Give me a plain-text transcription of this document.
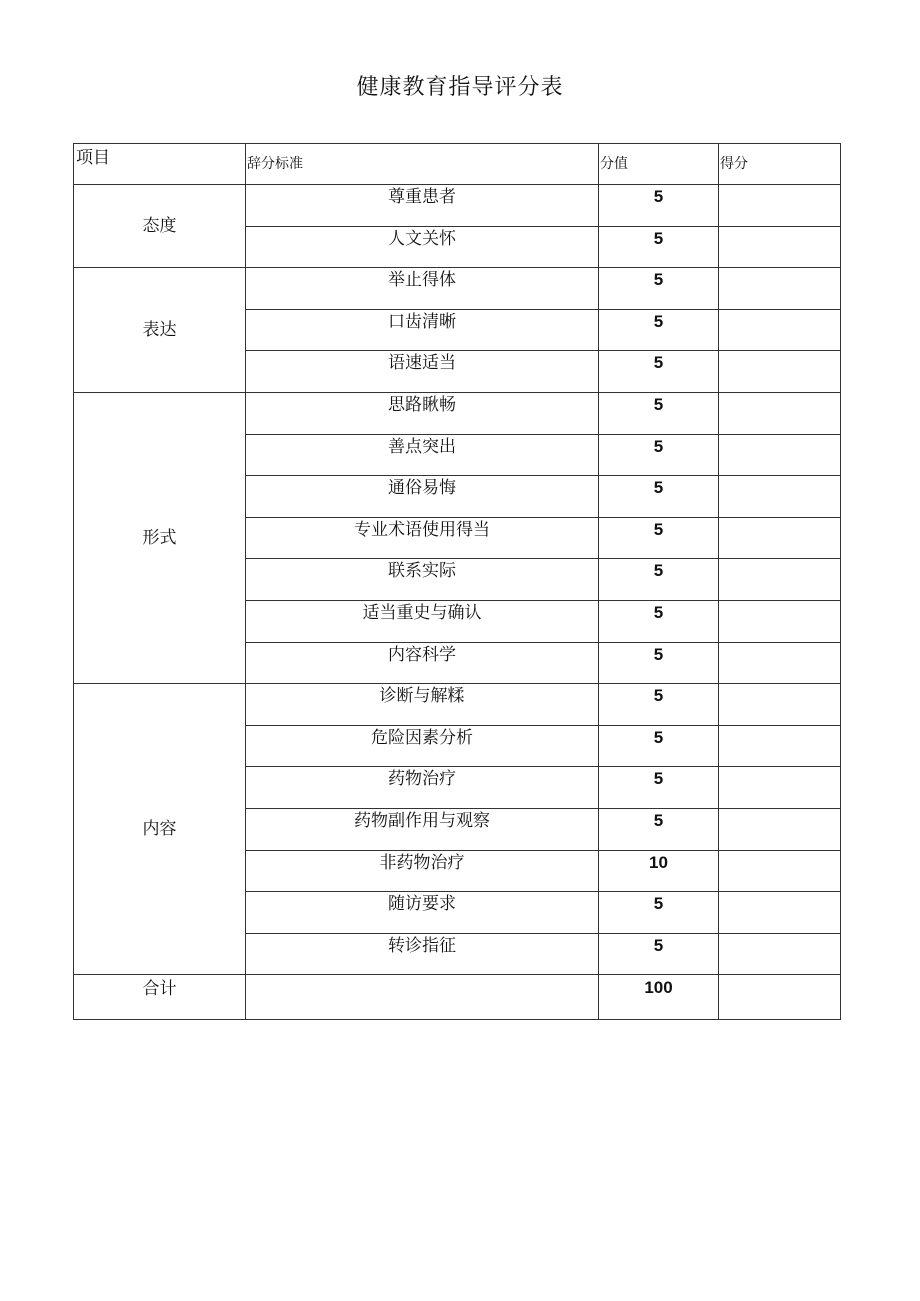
健康教育指导评分表
项目	辞分标准	分值	得分
态度	尊重患者	5	
	人文关怀	5	
表达	举止得体	5	
	口齿清晰	5	
	语速适当	5	
形式	思路瞅畅	5	
	善点突出	5	
	通俗易悔	5	
	专业术语使用得当	5	
	联系实际	5	
	适当重史与确认	5	
	内容科学	5	
内容	诊断与解糅	5	
	危险因素分析	5	
	药物治疗	5	
	药物副作用与观察	5	
	非药物治疗	10	
	随访要求	5	
	转诊指征	5	
合计		100	
